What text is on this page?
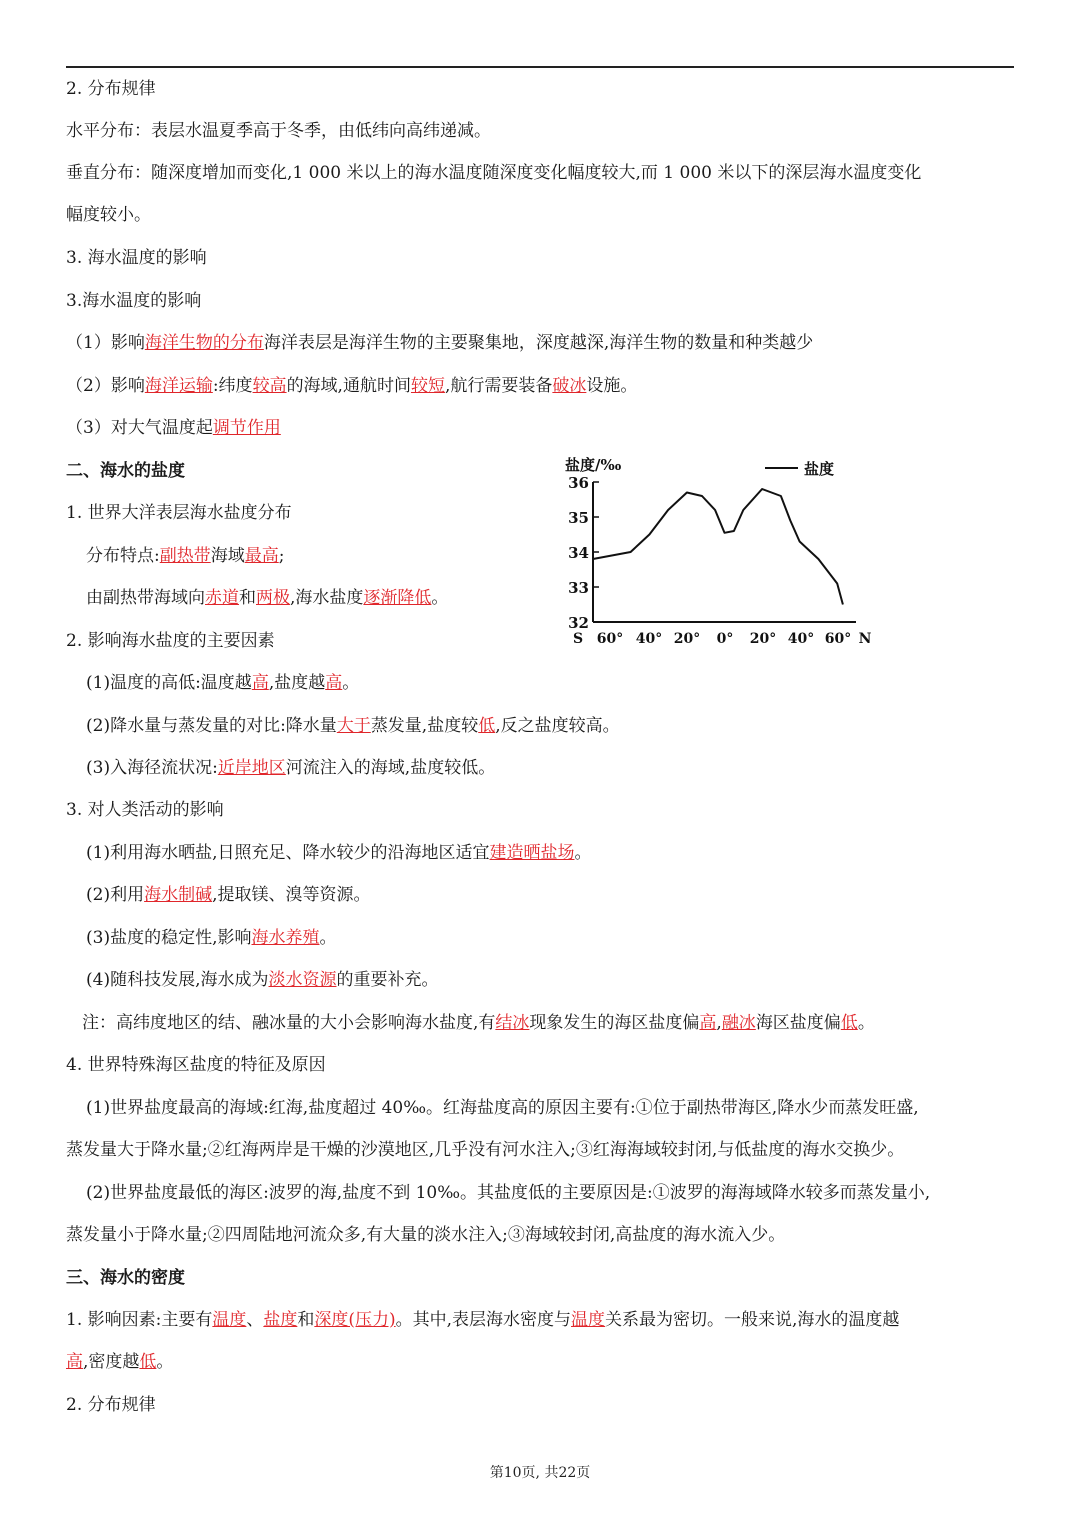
2. 分布规律
水平分布：表层水温夏季高于冬季，由低纬向高纬递减。
垂直分布：随深度增加而变化,1 000 米以上的海水温度随深度变化幅度较大,而 1 000 米以下的深层海水温度变化
幅度较小。
3. 海水温度的影响
3.海水温度的影响
（1）影响海洋生物的分布海洋表层是海洋生物的主要聚集地，深度越深,海洋生物的数量和种类越少
（2）影响海洋运输:纬度较高的海域,通航时间较短,航行需要装备破冰设施。
（3）对大气温度起调节作用
二、海水的盐度
1. 世界大洋表层海水盐度分布
分布特点:副热带海域最高;
由副热带海域向赤道和两极,海水盐度逐渐降低。
2. 影响海水盐度的主要因素
(1)温度的高低:温度越高,盐度越高。
(2)降水量与蒸发量的对比:降水量大于蒸发量,盐度较低,反之盐度较高。
(3)入海径流状况:近岸地区河流注入的海域,盐度较低。
3. 对人类活动的影响
(1)利用海水晒盐,日照充足、降水较少的沿海地区适宜建造晒盐场。
(2)利用海水制碱,提取镁、溴等资源。
(3)盐度的稳定性,影响海水养殖。
(4)随科技发展,海水成为淡水资源的重要补充。
注：高纬度地区的结、融冰量的大小会影响海水盐度,有结冰现象发生的海区盐度偏高,融冰海区盐度偏低。
4. 世界特殊海区盐度的特征及原因
(1)世界盐度最高的海域:红海,盐度超过 40‰。红海盐度高的原因主要有:①位于副热带海区,降水少而蒸发旺盛,
蒸发量大于降水量;②红海两岸是干燥的沙漠地区,几乎没有河水注入;③红海海域较封闭,与低盐度的海水交换少。
(2)世界盐度最低的海区:波罗的海,盐度不到 10‰。其盐度低的主要原因是:①波罗的海海域降水较多而蒸发量小,
蒸发量小于降水量;②四周陆地河流众多,有大量的淡水注入;③海域较封闭,高盐度的海水流入少。
三、海水的密度
1. 影响因素:主要有温度、盐度和深度(压力)。其中,表层海水密度与温度关系最为密切。一般来说,海水的温度越
高,密度越低。
2. 分布规律
盐度/‰	盐度
36
35
34
33
32
S 60° 40° 20° 0° 20° 40° 60° N
第10页, 共22页
